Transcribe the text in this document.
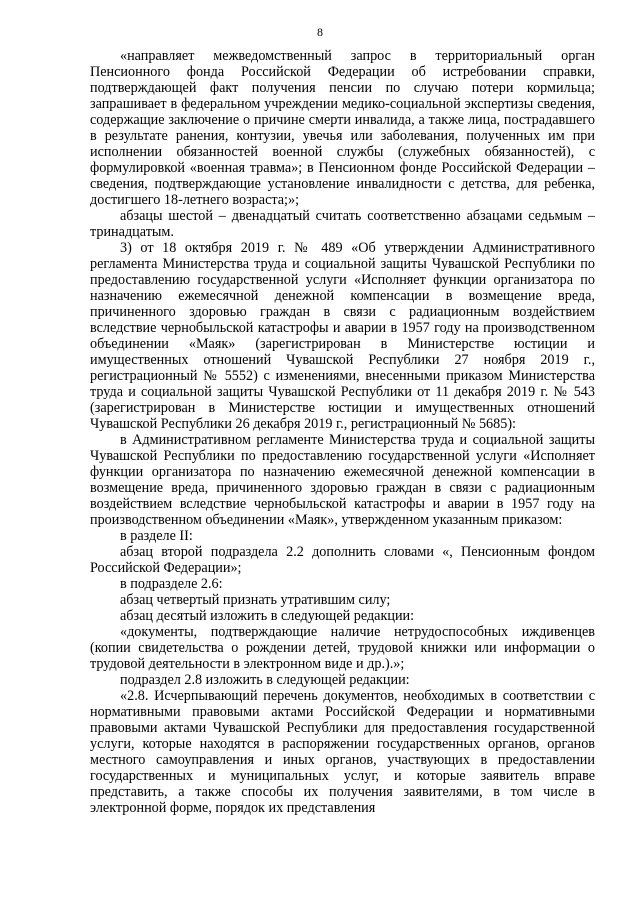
8

«направляет межведомственный запрос в территориальный орган Пенсионного фонда Российской Федерации об истребовании справки, подтверждающей факт получения пенсии по случаю потери кормильца; запрашивает в федеральном учреждении медико-социальной экспертизы сведения, содержащие заключение о причине смерти инвалида, а также лица, пострадавшего в результате ранения, контузии, увечья или заболевания, полученных им при исполнении обязанностей военной службы (служебных обязанностей), с формулировкой «военная травма»; в Пенсионном фонде Российской Федерации – сведения, подтверждающие установление инвалидности с детства, для ребенка, достигшего 18-летнего возраста;»;

абзацы шестой – двенадцатый считать соответственно абзацами седьмым – тринадцатым.

3) от 18 октября 2019 г. № 489 «Об утверждении Административного регламента Министерства труда и социальной защиты Чувашской Республики по предоставлению государственной услуги «Исполняет функции организатора по назначению ежемесячной денежной компенсации в возмещение вреда, причиненного здоровью граждан в связи с радиационным воздействием вследствие чернобыльской катастрофы и аварии в 1957 году на производственном объединении «Маяк» (зарегистрирован в Министерстве юстиции и имущественных отношений Чувашской Республики 27 ноября 2019 г., регистрационный № 5552) с изменениями, внесенными приказом Министерства труда и социальной защиты Чувашской Республики от 11 декабря 2019 г. № 543 (зарегистрирован в Министерстве юстиции и имущественных отношений Чувашской Республики 26 декабря 2019 г., регистрационный № 5685):

в Административном регламенте Министерства труда и социальной защиты Чувашской Республики по предоставлению государственной услуги «Исполняет функции организатора по назначению ежемесячной денежной компенсации в возмещение вреда, причиненного здоровью граждан в связи с радиационным воздействием вследствие чернобыльской катастрофы и аварии в 1957 году на производственном объединении «Маяк», утвержденном указанным приказом:

в разделе II:

абзац второй подраздела 2.2 дополнить словами «, Пенсионным фондом Российской Федерации»;

в подразделе 2.6:

абзац четвертый признать утратившим силу;

абзац десятый изложить в следующей редакции:

«документы, подтверждающие наличие нетрудоспособных иждивенцев (копии свидетельства о рождении детей, трудовой книжки или информации о трудовой деятельности в электронном виде и др.).»;

подраздел 2.8 изложить в следующей редакции:

«2.8. Исчерпывающий перечень документов, необходимых в соответствии с нормативными правовыми актами Российской Федерации и нормативными правовыми актами Чувашской Республики для предоставления государственной услуги, которые находятся в распоряжении государственных органов, органов местного самоуправления и иных органов, участвующих в предоставлении государственных и муниципальных услуг, и которые заявитель вправе представить, а также способы их получения заявителями, в том числе в электронной форме, порядок их представления
